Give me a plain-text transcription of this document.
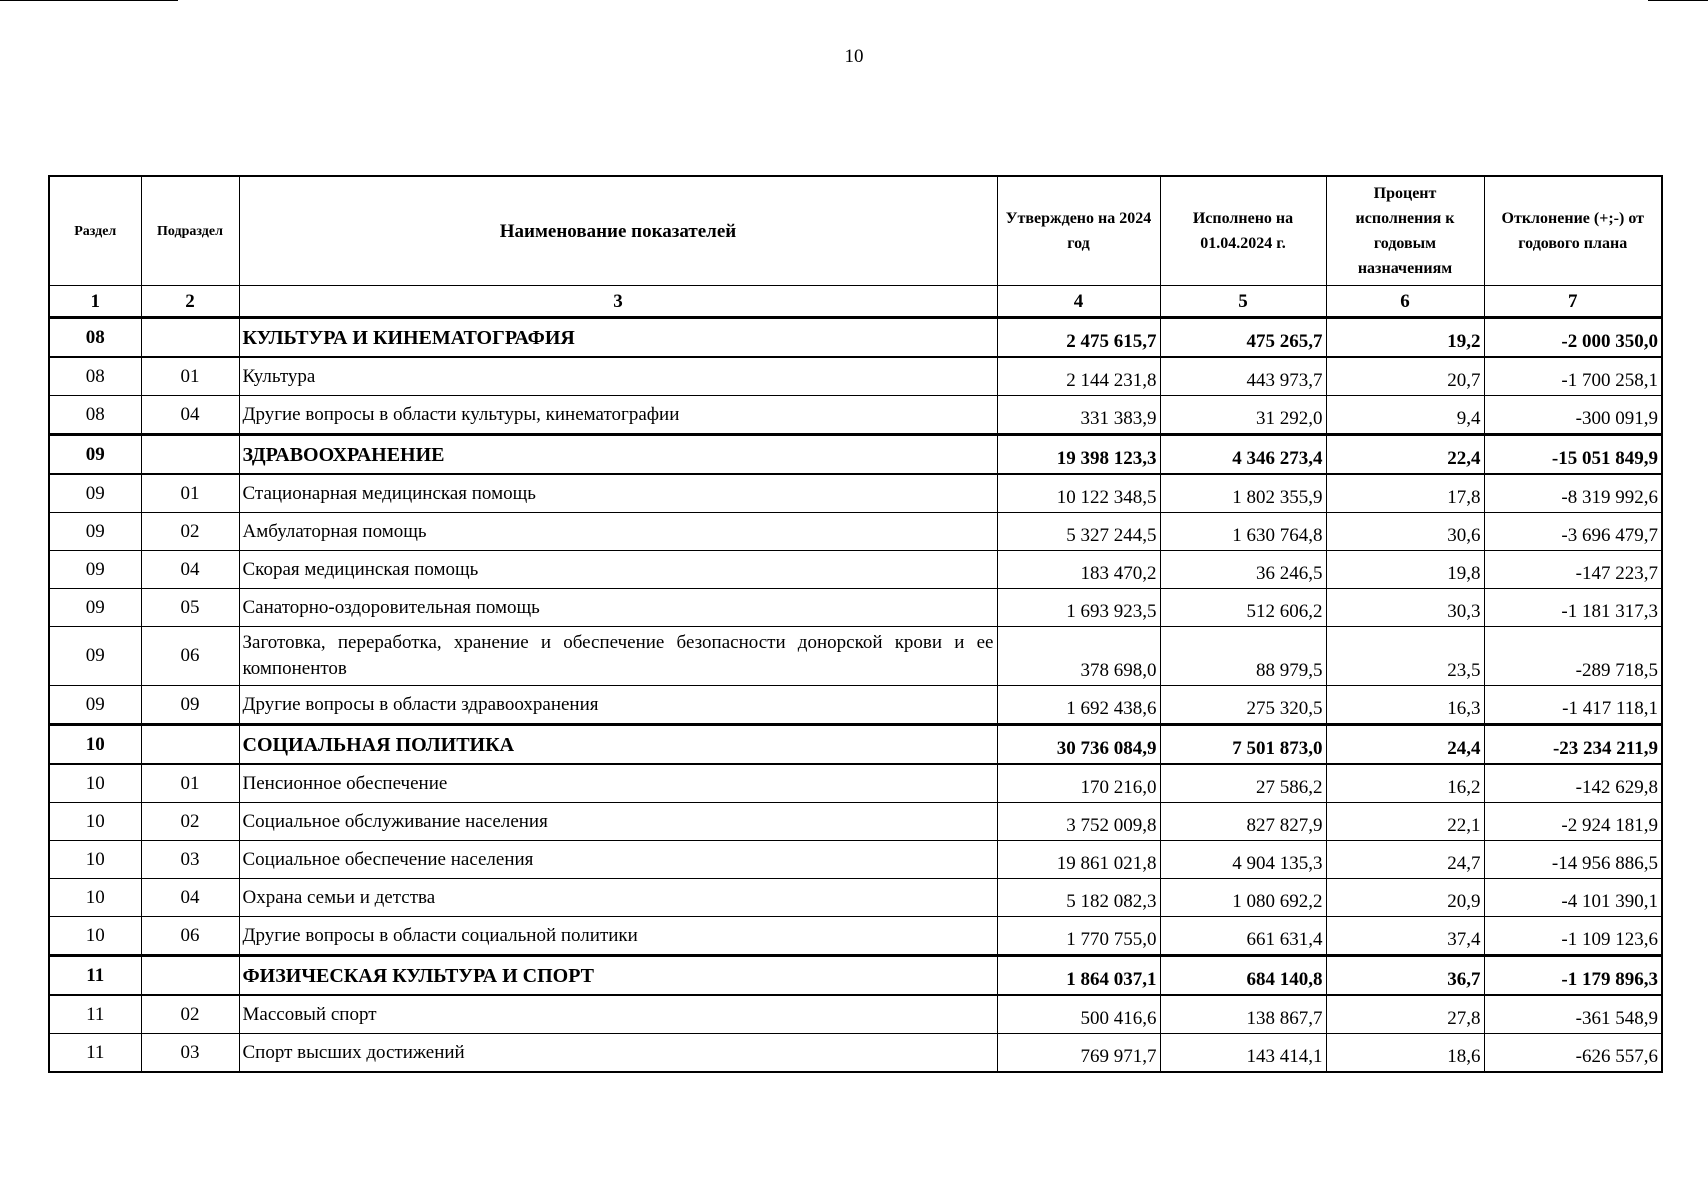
10
Раздел	Подраздел	Наименование показателей	Утверждено на 2024 год	Исполнено на 01.04.2024 г.	Процент исполнения к годовым назначениям	Отклонение (+;-) от годового плана
1	2	3	4	5	6	7
08		КУЛЬТУРА И КИНЕМАТОГРАФИЯ	2 475 615,7	475 265,7	19,2	-2 000 350,0
08	01	Культура	2 144 231,8	443 973,7	20,7	-1 700 258,1
08	04	Другие вопросы в области культуры, кинематографии	331 383,9	31 292,0	9,4	-300 091,9
09		ЗДРАВООХРАНЕНИЕ	19 398 123,3	4 346 273,4	22,4	-15 051 849,9
09	01	Стационарная медицинская помощь	10 122 348,5	1 802 355,9	17,8	-8 319 992,6
09	02	Амбулаторная помощь	5 327 244,5	1 630 764,8	30,6	-3 696 479,7
09	04	Скорая медицинская помощь	183 470,2	36 246,5	19,8	-147 223,7
09	05	Санаторно-оздоровительная помощь	1 693 923,5	512 606,2	30,3	-1 181 317,3
09	06	Заготовка, переработка, хранение и обеспечение безопасности донорской крови и ее компонентов	378 698,0	88 979,5	23,5	-289 718,5
09	09	Другие вопросы в области здравоохранения	1 692 438,6	275 320,5	16,3	-1 417 118,1
10		СОЦИАЛЬНАЯ ПОЛИТИКА	30 736 084,9	7 501 873,0	24,4	-23 234 211,9
10	01	Пенсионное обеспечение	170 216,0	27 586,2	16,2	-142 629,8
10	02	Социальное обслуживание населения	3 752 009,8	827 827,9	22,1	-2 924 181,9
10	03	Социальное обеспечение населения	19 861 021,8	4 904 135,3	24,7	-14 956 886,5
10	04	Охрана семьи и детства	5 182 082,3	1 080 692,2	20,9	-4 101 390,1
10	06	Другие вопросы в области социальной политики	1 770 755,0	661 631,4	37,4	-1 109 123,6
11		ФИЗИЧЕСКАЯ КУЛЬТУРА И СПОРТ	1 864 037,1	684 140,8	36,7	-1 179 896,3
11	02	Массовый спорт	500 416,6	138 867,7	27,8	-361 548,9
11	03	Спорт высших достижений	769 971,7	143 414,1	18,6	-626 557,6
